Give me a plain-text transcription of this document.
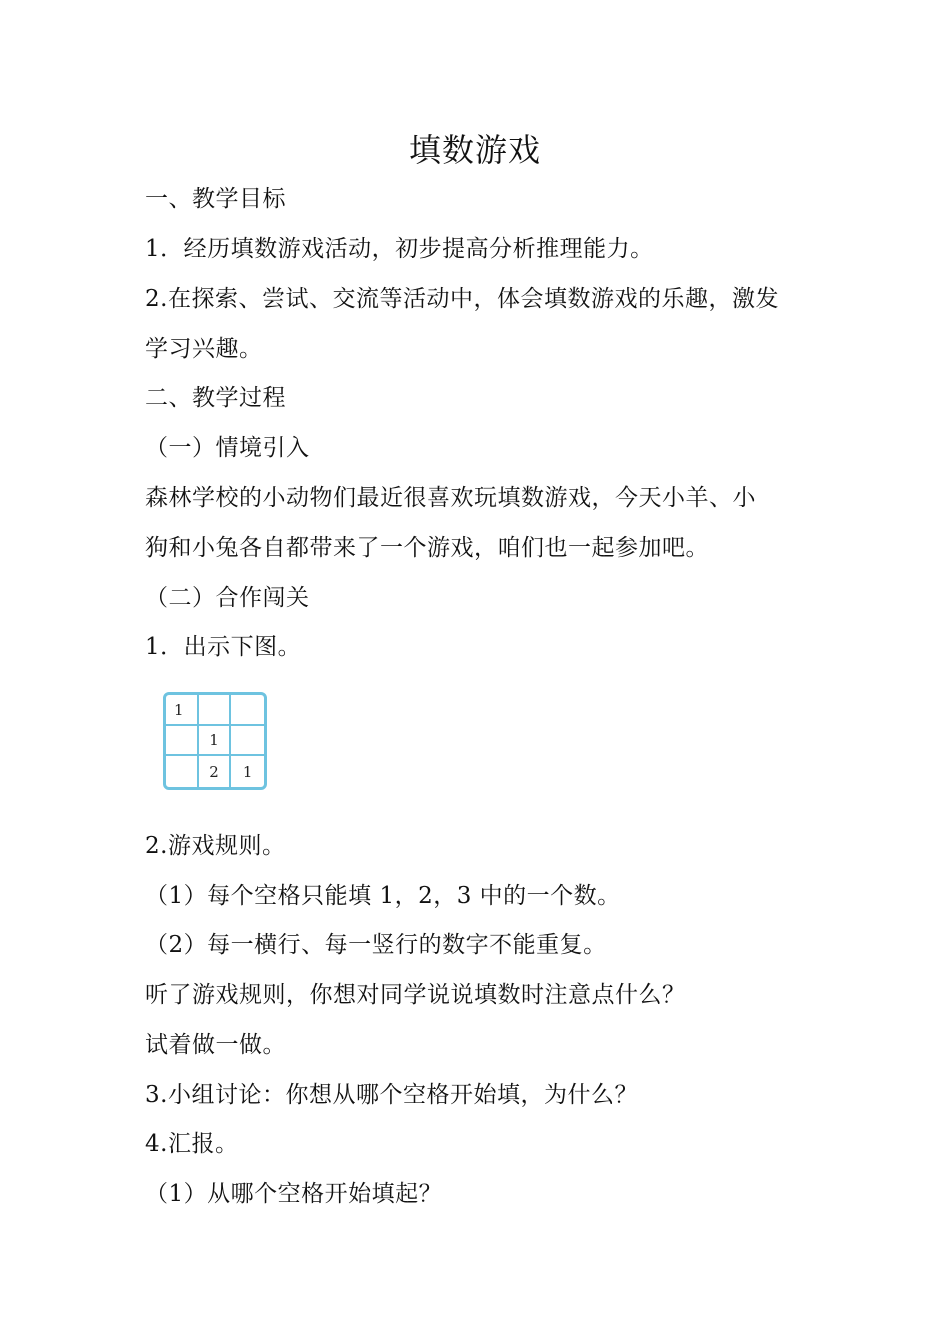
填数游戏
一、教学目标
1．经历填数游戏活动，初步提高分析推理能力。
2.在探索、尝试、交流等活动中，体会填数游戏的乐趣，激发
学习兴趣。
二、教学过程
（一）情境引入
森林学校的小动物们最近很喜欢玩填数游戏，今天小羊、小
狗和小兔各自都带来了一个游戏，咱们也一起参加吧。
（二）合作闯关
1．出示下图。
1
1
2	1
2.游戏规则。
（1）每个空格只能填 1，2，3 中的一个数。
（2）每一横行、每一竖行的数字不能重复。
听了游戏规则，你想对同学说说填数时注意点什么？
试着做一做。
3.小组讨论：你想从哪个空格开始填，为什么？
4.汇报。
（1）从哪个空格开始填起？
